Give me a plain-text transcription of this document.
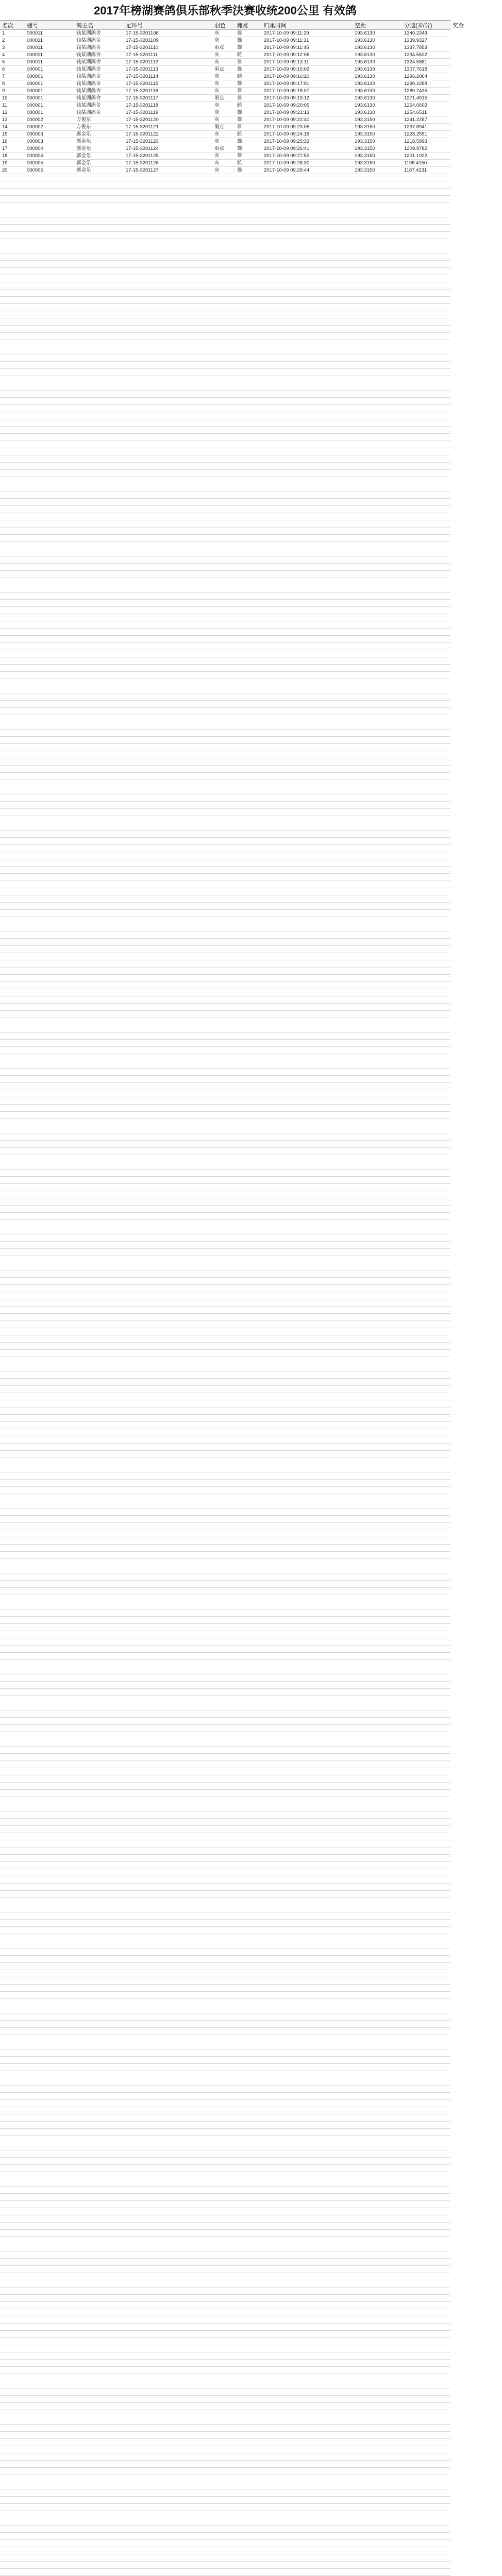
2017年榜湖赛鸽俱乐部秋季決赛收统200公里 有效鸽
名次	棚号	鸽主名	足环号	羽色	雌雄	归巢时间	空距	分速(米/分)	奖金
1	000011	钱某湖鸽舍	17-15-3201108	灰	雄	2017-10-09 09:11:29	193.6130	1340.2349
2	000011	钱某湖鸽舍	17-15-3201109	灰	雄	2017-10-09 09:11:31	193.6130	1339.9327
3	000011	钱某湖鸽舍	17-15-3201110	雨点	雄	2017-10-09 09:11:45	193.6130	1337.7853
4	000011	钱某湖鸽舍	17-15-3201111	灰	雌	2017-10-09 09:12:06	193.6130	1334.5622
5	000011	钱某湖鸽舍	17-15-3201112	灰	雄	2017-10-09 09:13:11	193.6130	1324.5881
6	000001	钱某湖鸽舍	17-15-3201113	雨点	雄	2017-10-09 09:15:02	193.6130	1307.7618
7	000001	钱某湖鸽舍	17-15-3201114	灰	雌	2017-10-09 09:16:20	193.6130	1296.2064
8	000001	钱某湖鸽舍	17-15-3201115	灰	雄	2017-10-09 09:17:01	193.6130	1290.2288
9	000001	钱某湖鸽舍	17-15-3201116	灰	雄	2017-10-09 09:18:07	193.6130	1280.7435
10	000001	钱某湖鸽舍	17-15-3201117	雨点	雄	2017-10-09 09:19:12	193.6130	1271.4915
11	000001	钱某湖鸽舍	17-15-3201118	灰	雌	2017-10-09 09:20:05	193.6130	1264.0602
12	000001	钱某湖鸽舍	17-15-3201119	灰	雄	2017-10-09 09:21:13	193.6130	1254.6511
13	000002	方俊东	17-15-3201120	灰	雄	2017-10-09 09:22:40	193.3150	1241.2287
14	000002	方俊东	17-15-3201121	雨点	雄	2017-10-09 09:23:05	193.3150	1237.8941
15	000003	郭金乐	17-15-3201122	灰	雌	2017-10-09 09:24:18	193.3150	1228.2551
16	000003	郭金乐	17-15-3201123	灰	雄	2017-10-09 09:25:33	193.3150	1218.5993
17	000004	郭金乐	17-15-3201124	雨点	雄	2017-10-09 09:26:41	193.3150	1209.9782
18	000004	郭金乐	17-15-3201125	灰	雄	2017-10-09 09:27:52	193.3150	1201.1022
19	000005	郭金乐	17-15-3201126	灰	雌	2017-10-09 09:28:30	193.3150	1196.4150
20	000005	郭金乐	17-15-3201127	灰	雄	2017-10-09 09:29:44	193.3150	1187.4231
